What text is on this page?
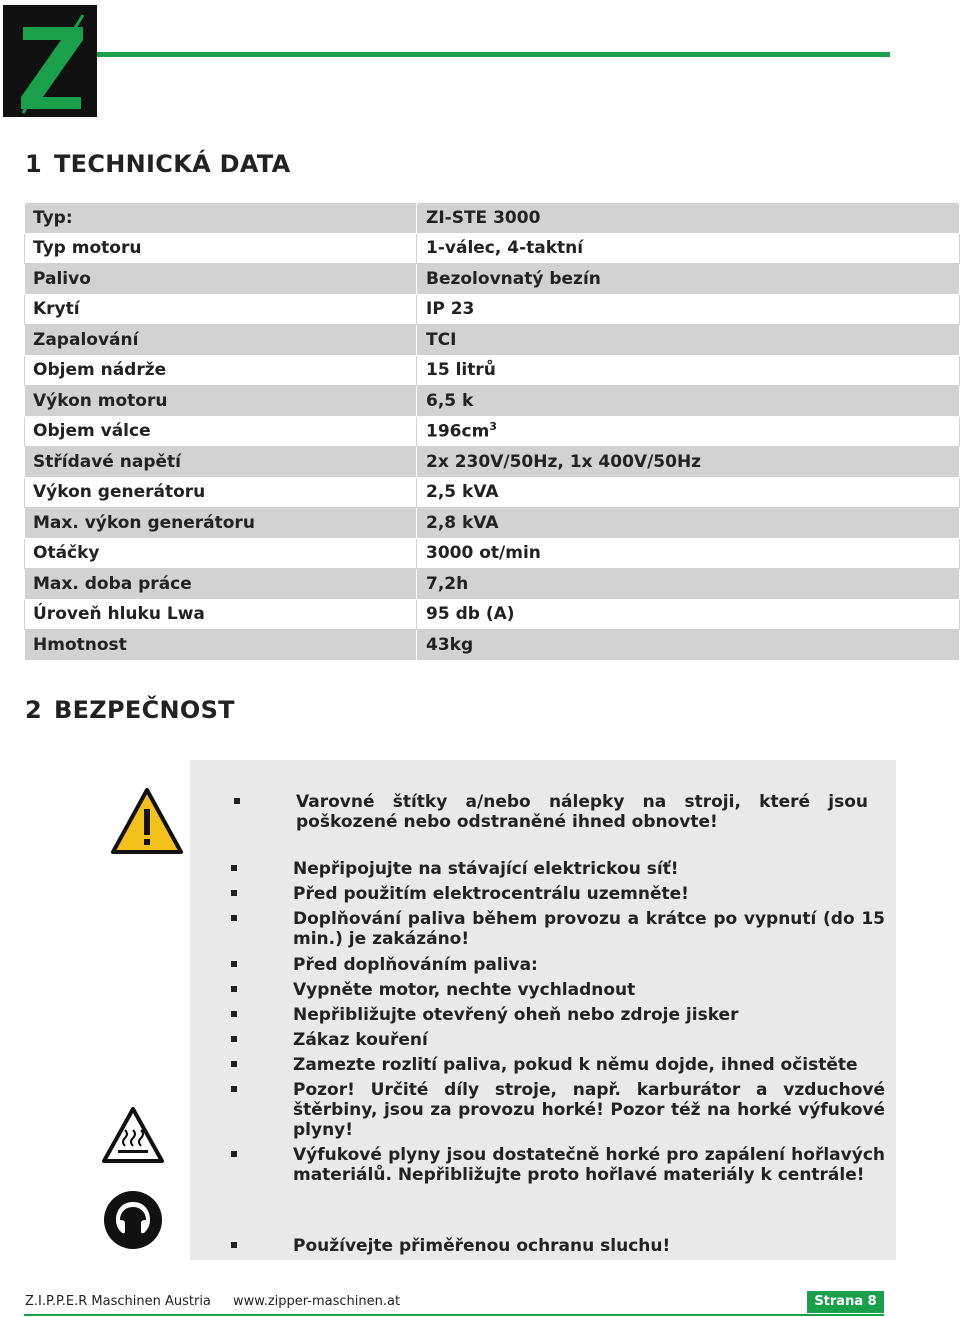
1 TECHNICKÁ DATA
Typ:	ZI-STE 3000
Typ motoru	1-válec, 4-taktní
Palivo	Bezolovnatý bezín
Krytí	IP 23
Zapalování	TCI
Objem nádrže	15 litrů
Výkon motoru	6,5 k
Objem válce	$196cm^3$
Střídavé napětí	2x 230V/50Hz, 1x 400V/50Hz
Výkon generátoru	2,5 kVA
Max. výkon generátoru	2,8 kVA
Otáčky	3000 ot/min
Max. doba práce	7,2h
Úroveň hluku Lwa	95 db (A)
Hmotnost	43kg
2 BEZPEČNOST
Varovné štítky a/nebo nálepky na stroji, které jsou poškozené nebo odstraněné ihned obnovte!
Nepřipojujte na stávající elektrickou síť!
Před použitím elektrocentrálu uzemněte!
Doplňování paliva během provozu a krátce po vypnutí (do 15 min.) je zakázáno!
Před doplňováním paliva:
Vypněte motor, nechte vychladnout
Nepřibližujte otevřený oheň nebo zdroje jisker
Zákaz kouření
Zamezte rozlití paliva, pokud k němu dojde, ihned očistěte
Pozor! Určité díly stroje, např. karburátor a vzduchové štěrbiny, jsou za provozu horké! Pozor též na horké výfukové plyny!
Výfukové plyny jsou dostatečně horké pro zapálení hořlavých materiálů. Nepřibližujte proto hořlavé materiály k centrále!
Používejte přiměřenou ochranu sluchu!
Z.I.P.P.E.R Maschinen Austria www.zipper-maschinen.at	Strana 8
